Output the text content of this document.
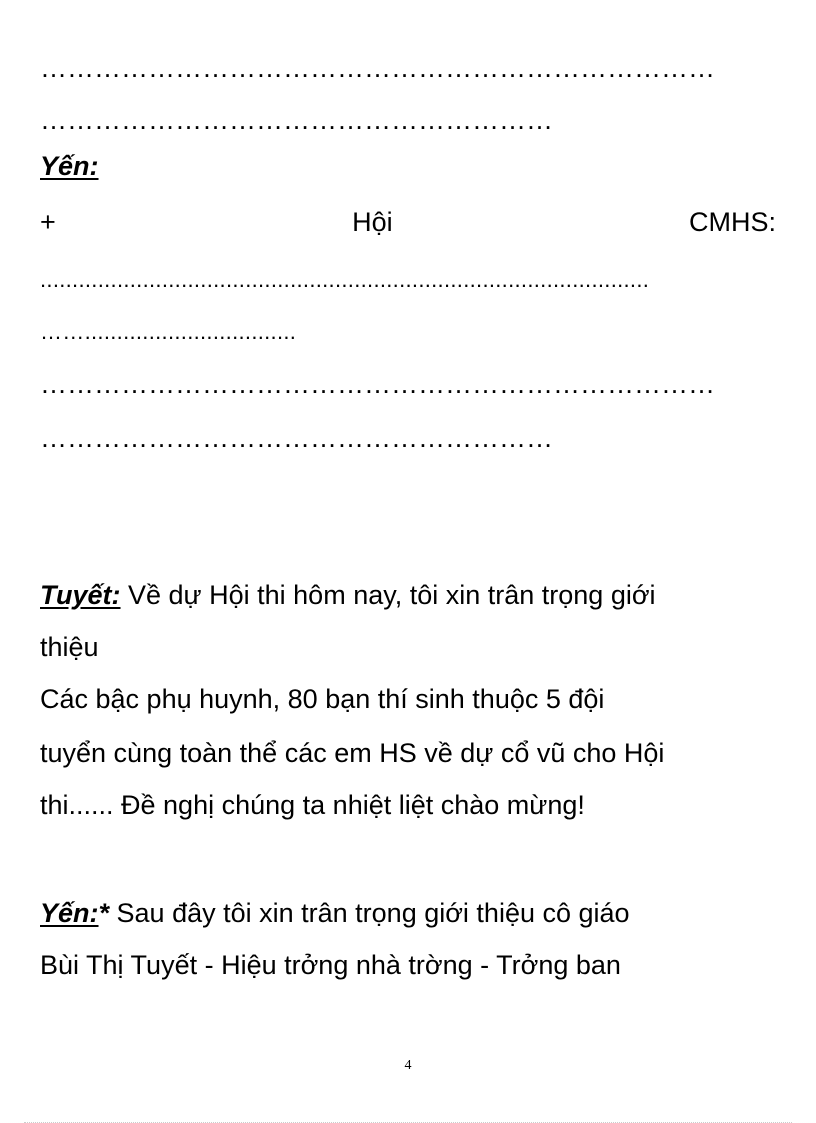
…………………………………………………………………
…………………………………………………
Yến:
+	Hội	CMHS:
...............................................................................................
…….................................
…………………………………………………………………
…………………………………………………
Tuyết: Về dự Hội thi hôm nay, tôi xin trân trọng giới
thiệu
Các bậc phụ huynh, 80 bạn thí sinh thuộc 5 đội
tuyển cùng toàn thể các em HS về dự cổ vũ cho Hội
thi...... Đề nghị chúng ta nhiệt liệt chào mừng!
Yến:* Sau đây tôi xin trân trọng giới thiệu cô giáo
Bùi Thị Tuyết - Hiệu trởng nhà trờng - Trởng ban
4
